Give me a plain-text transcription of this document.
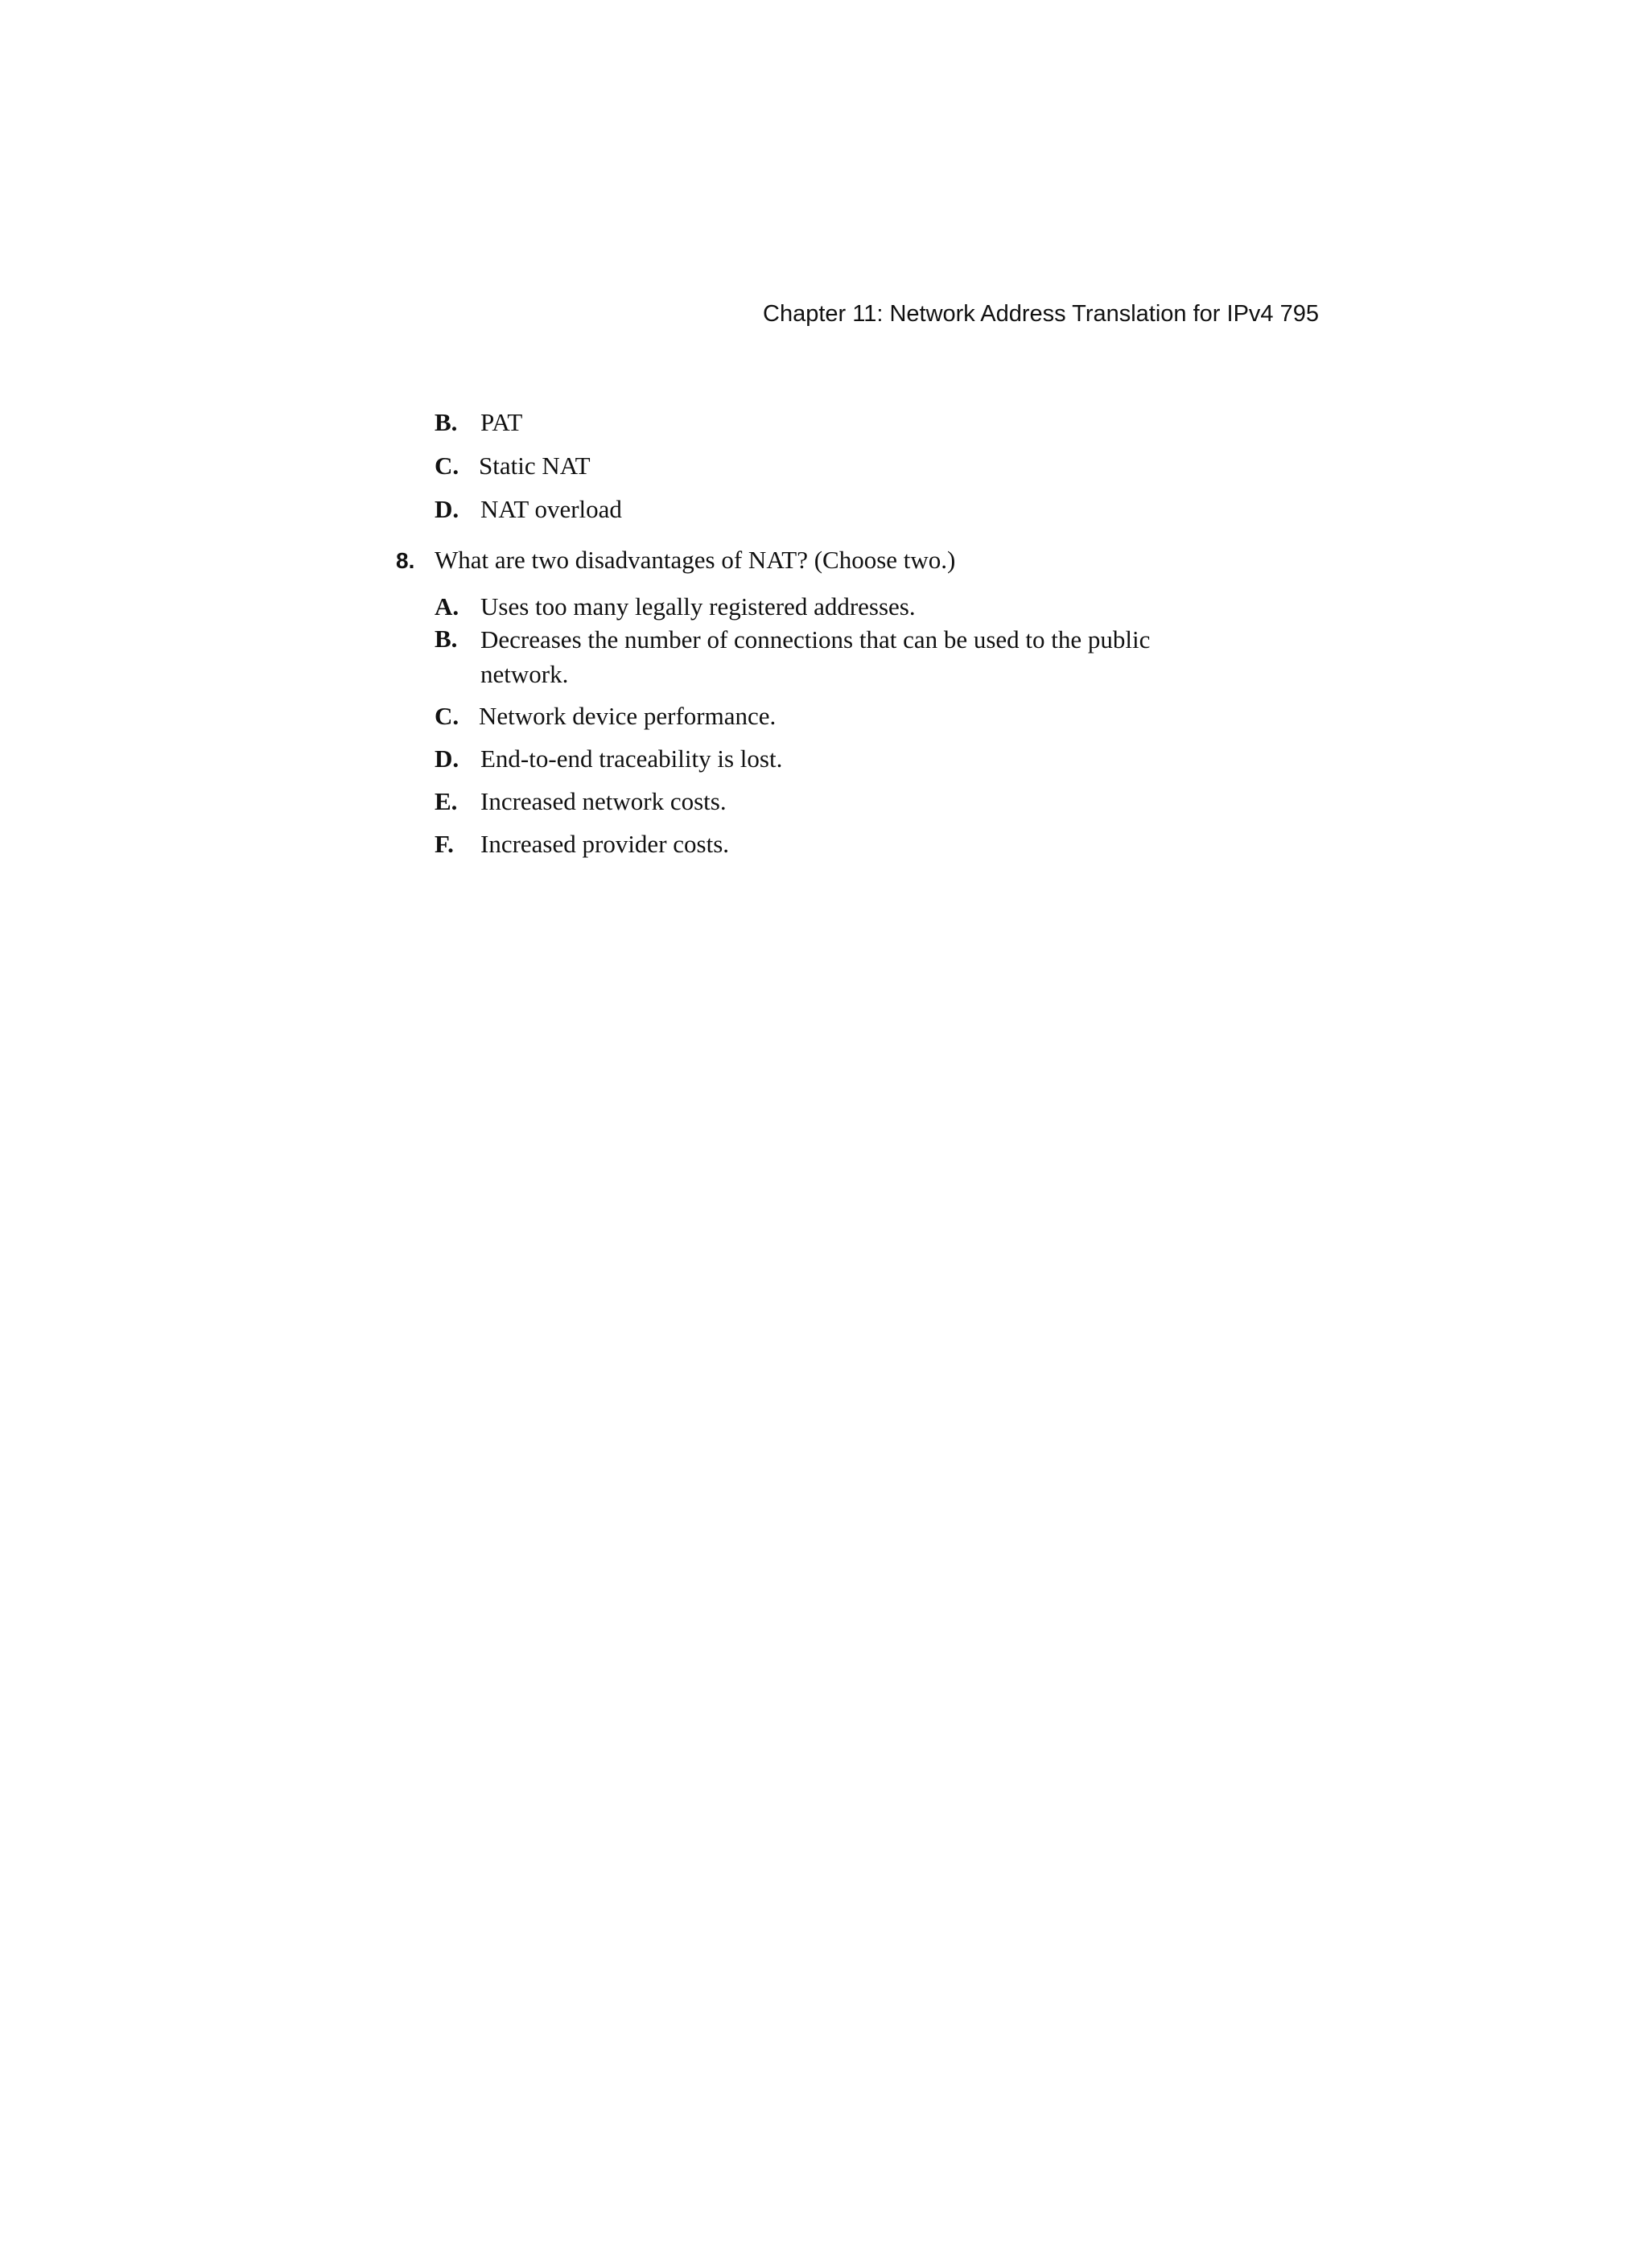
Chapter 11: Network Address Translation for IPv4 795
B. PAT
C. Static NAT
D. NAT overload
8. What are two disadvantages of NAT? (Choose two.)
A. Uses too many legally registered addresses.
B. Decreases the number of connections that can be used to the public network.
C. Network device performance.
D. End-to-end traceability is lost.
E. Increased network costs.
F. Increased provider costs.
